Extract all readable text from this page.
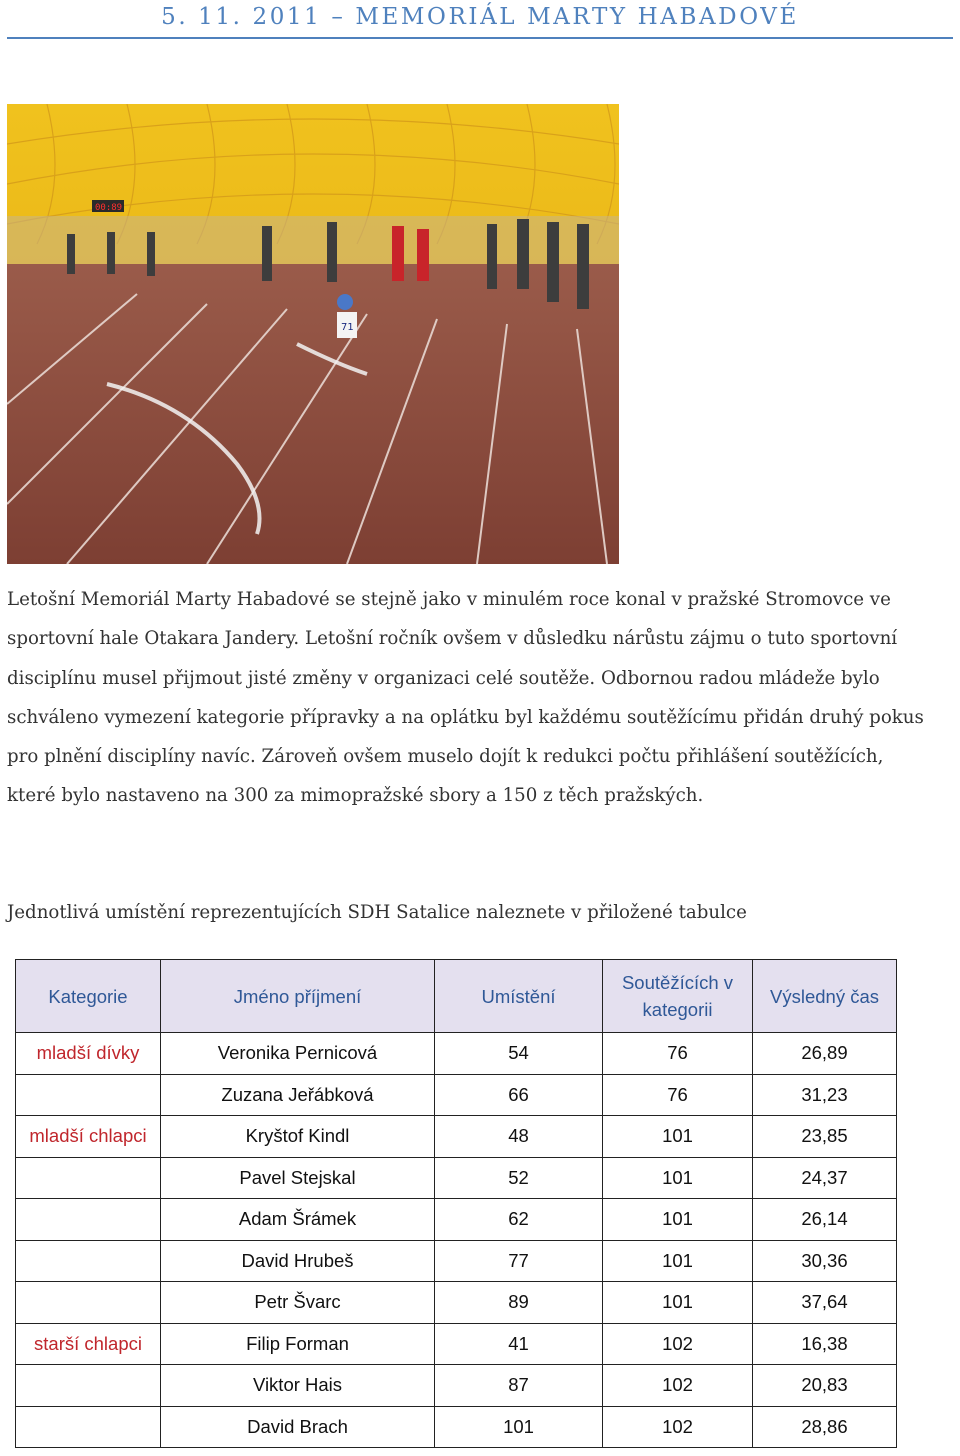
5. 11. 2011 – MEMORIÁL MARTY HABADOVÉ
00:89
71
Letošní Memoriál Marty Habadové se stejně jako v minulém roce konal v pražské Stromovce ve
sportovní hale Otakara Jandery. Letošní ročník ovšem v důsledku nárůstu zájmu o tuto sportovní
disciplínu musel přijmout jisté změny v organizaci celé soutěže. Odbornou radou mládeže bylo
schváleno vymezení kategorie přípravky a na oplátku byl každému soutěžícímu přidán druhý pokus
pro plnění disciplíny navíc. Zároveň ovšem muselo dojít k redukci počtu přihlášení soutěžících,
které bylo nastaveno na 300 za mimopražské sbory a 150 z těch pražských.

Jednotlivá umístění reprezentujících SDH Satalice naleznete v přiložené tabulce

Kategorie	Jméno příjmení	Umístění	Soutěžících v
kategorii	Výsledný čas
mladší dívky	Veronika Pernicová	54	76	26,89
	Zuzana Jeřábková	66	76	31,23
mladší chlapci	Kryštof Kindl	48	101	23,85
	Pavel Stejskal	52	101	24,37
	Adam Šrámek	62	101	26,14
	David Hrubeš	77	101	30,36
	Petr Švarc	89	101	37,64
starší chlapci	Filip Forman	41	102	16,38
	Viktor Hais	87	102	20,83
	David Brach	101	102	28,86
